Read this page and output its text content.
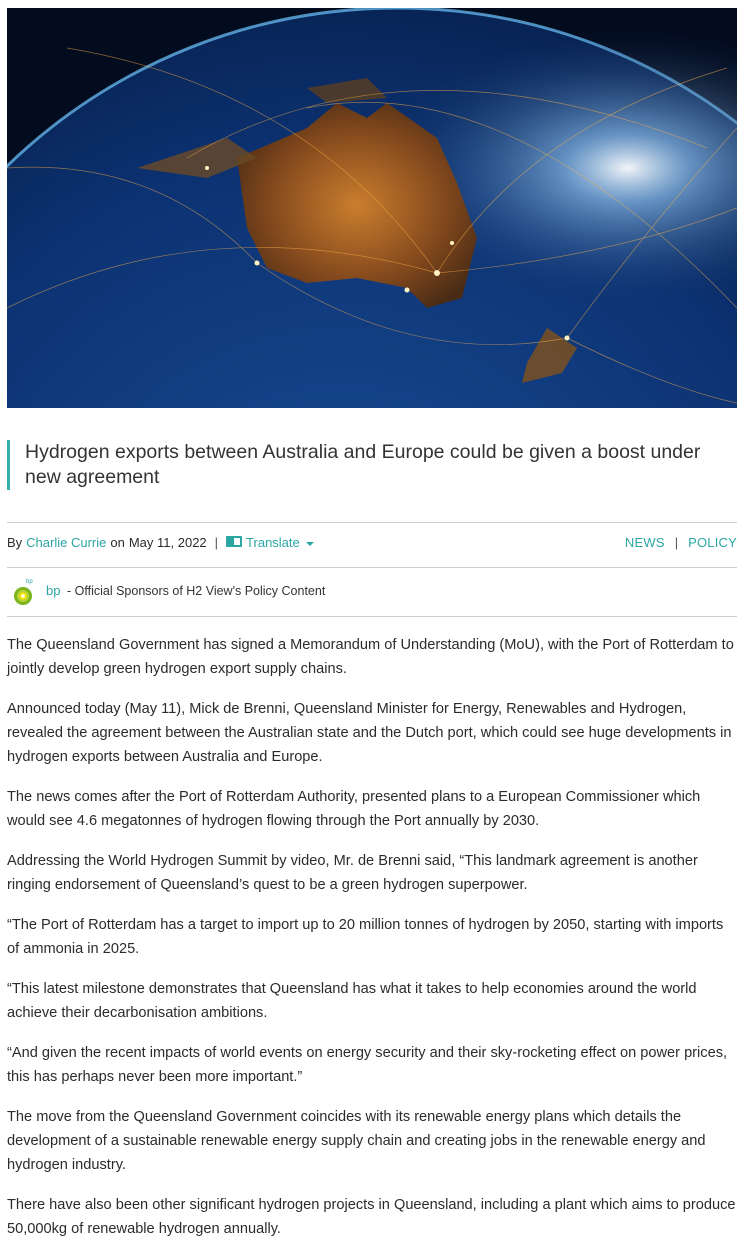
Hydrogen exports between Australia and Europe could be given a boost under new agreement
By Charlie Currie on May 11, 2022 |	Translate	NEWS | POLICY
bp
bp - Official Sponsors of H2 View's Policy Content

The Queensland Government has signed a Memorandum of Understanding (MoU), with the Port of Rotterdam to jointly develop green hydrogen export supply chains.

Announced today (May 11), Mick de Brenni, Queensland Minister for Energy, Renewables and Hydrogen, revealed the agreement between the Australian state and the Dutch port, which could see huge developments in hydrogen exports between Australia and Europe.

The news comes after the Port of Rotterdam Authority, presented plans to a European Commissioner which would see 4.6 megatonnes of hydrogen flowing through the Port annually by 2030.

Addressing the World Hydrogen Summit by video, Mr. de Brenni said, “This landmark agreement is another ringing endorsement of Queensland’s quest to be a green hydrogen superpower.

“The Port of Rotterdam has a target to import up to 20 million tonnes of hydrogen by 2050, starting with imports of ammonia in 2025.

“This latest milestone demonstrates that Queensland has what it takes to help economies around the world achieve their decarbonisation ambitions.

“And given the recent impacts of world events on energy security and their sky-rocketing effect on power prices, this has perhaps never been more important.”

The move from the Queensland Government coincides with its renewable energy plans which details the development of a sustainable renewable energy supply chain and creating jobs in the renewable energy and hydrogen industry.

There have also been other significant hydrogen projects in Queensland, including a plant which aims to produce 50,000kg of renewable hydrogen annually.
